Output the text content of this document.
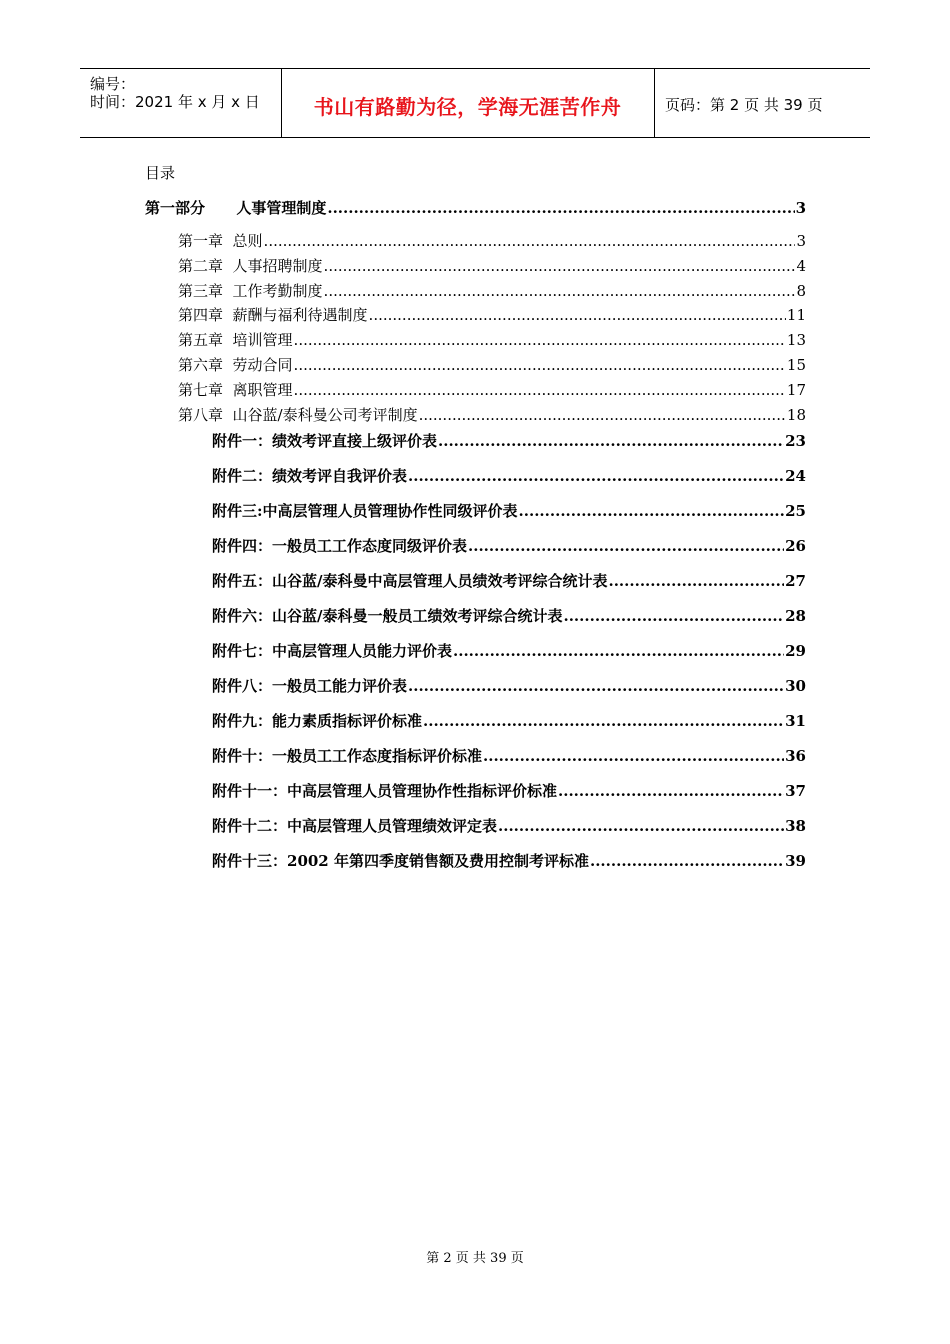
编号：
时间：2021 年 x 月 x 日	书山有路勤为径，学海无涯苦作舟	页码：第 2 页 共 39 页
目录
第一部分      人事管理制度 .....	3
第一章  总则 .....	3
第二章  人事招聘制度 .....	4
第三章  工作考勤制度 .....	8
第四章  薪酬与福利待遇制度 .....	11
第五章  培训管理 .....	13
第六章  劳动合同 .....	15
第七章  离职管理 .....	17
第八章  山谷蓝/泰科曼公司考评制度 .....	18
附件一：绩效考评直接上级评价表 .....	23
附件二：绩效考评自我评价表 .....	24
附件三:中高层管理人员管理协作性同级评价表 .....	25
附件四：一般员工工作态度同级评价表 .....	26
附件五：山谷蓝/泰科曼中高层管理人员绩效考评综合统计表 .....	27
附件六：山谷蓝/泰科曼一般员工绩效考评综合统计表 .....	28
附件七：中高层管理人员能力评价表 .....	29
附件八：一般员工能力评价表 .....	30
附件九：能力素质指标评价标准 .....	31
附件十：一般员工工作态度指标评价标准 .....	36
附件十一：中高层管理人员管理协作性指标评价标准 .....	37
附件十二：中高层管理人员管理绩效评定表 .....	38
附件十三：2002 年第四季度销售额及费用控制考评标准 .....	39
第 2 页 共 39 页
